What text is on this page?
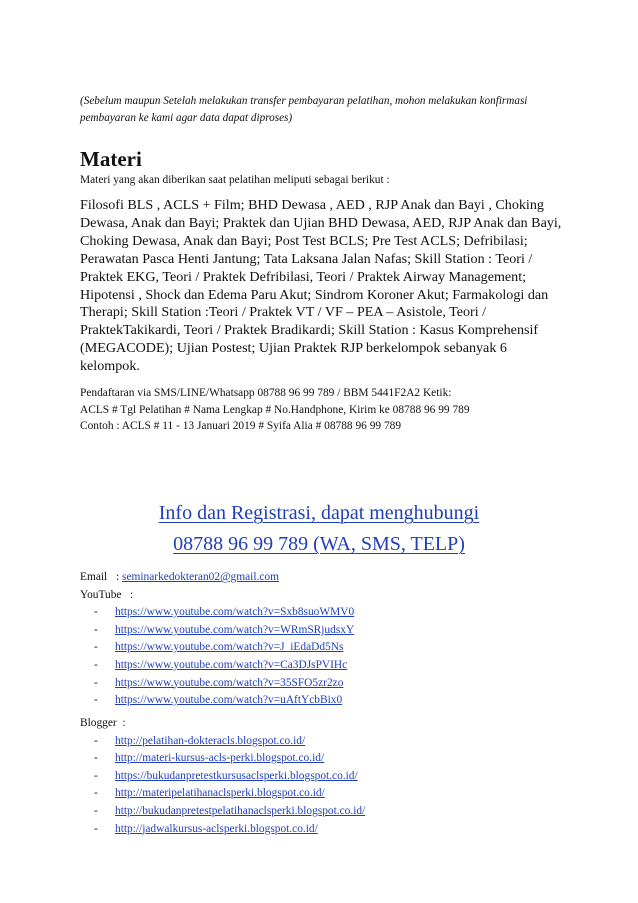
(Sebelum maupun Setelah melakukan transfer pembayaran pelatihan, mohon melakukan konfirmasi pembayaran ke kami agar data dapat diproses)
Materi
Materi yang akan diberikan saat pelatihan meliputi sebagai berikut :

Filosofi BLS , ACLS + Film; BHD Dewasa , AED , RJP Anak dan Bayi , Choking Dewasa, Anak dan Bayi; Praktek dan Ujian BHD Dewasa, AED, RJP Anak dan Bayi, Choking Dewasa, Anak dan Bayi; Post Test BCLS; Pre Test ACLS; Defribilasi; Perawatan Pasca Henti Jantung; Tata Laksana Jalan Nafas; Skill Station : Teori / Praktek EKG, Teori / Praktek Defribilasi, Teori / Praktek Airway Management; Hipotensi , Shock dan Edema Paru Akut; Sindrom Koroner Akut; Farmakologi dan Therapi; Skill Station :Teori / Praktek VT / VF – PEA – Asistole, Teori / PraktekTakikardi, Teori / Praktek Bradikardi; Skill Station : Kasus Komprehensif (MEGACODE); Ujian Postest; Ujian Praktek RJP berkelompok sebanyak 6 kelompok.

Pendaftaran via SMS/LINE/Whatsapp 08788 96 99 789 / BBM 5441F2A2 Ketik:
ACLS # Tgl Pelatihan # Nama Lengkap # No.Handphone, Kirim ke 08788 96 99 789
Contoh : ACLS # 11 - 13 Januari 2019 # Syifa Alia # 08788 96 99 789
Info dan Registrasi, dapat menghubungi
08788 96 99 789 (WA, SMS, TELP)
Email : seminarkedokteran02@gmail.com
YouTube   :
- https://www.youtube.com/watch?v=Sxb8suoWMV0
- https://www.youtube.com/watch?v=WRmSRjudsxY
- https://www.youtube.com/watch?v=J_iEdaDd5Ns
- https://www.youtube.com/watch?v=Ca3DJsPVIHc
- https://www.youtube.com/watch?v=35SFO5zr2zo
- https://www.youtube.com/watch?v=uAftYcbBix0
Blogger  :
- http://pelatihan-dokteracls.blogspot.co.id/
- http://materi-kursus-acls-perki.blogspot.co.id/
- https://bukudanpretestkursusaclsperki.blogspot.co.id/
- http://materipelatihanaclsperki.blogspot.co.id/
- http://bukudanpretestpelatihanaclsperki.blogspot.co.id/
- http://jadwalkursus-aclsperki.blogspot.co.id/
